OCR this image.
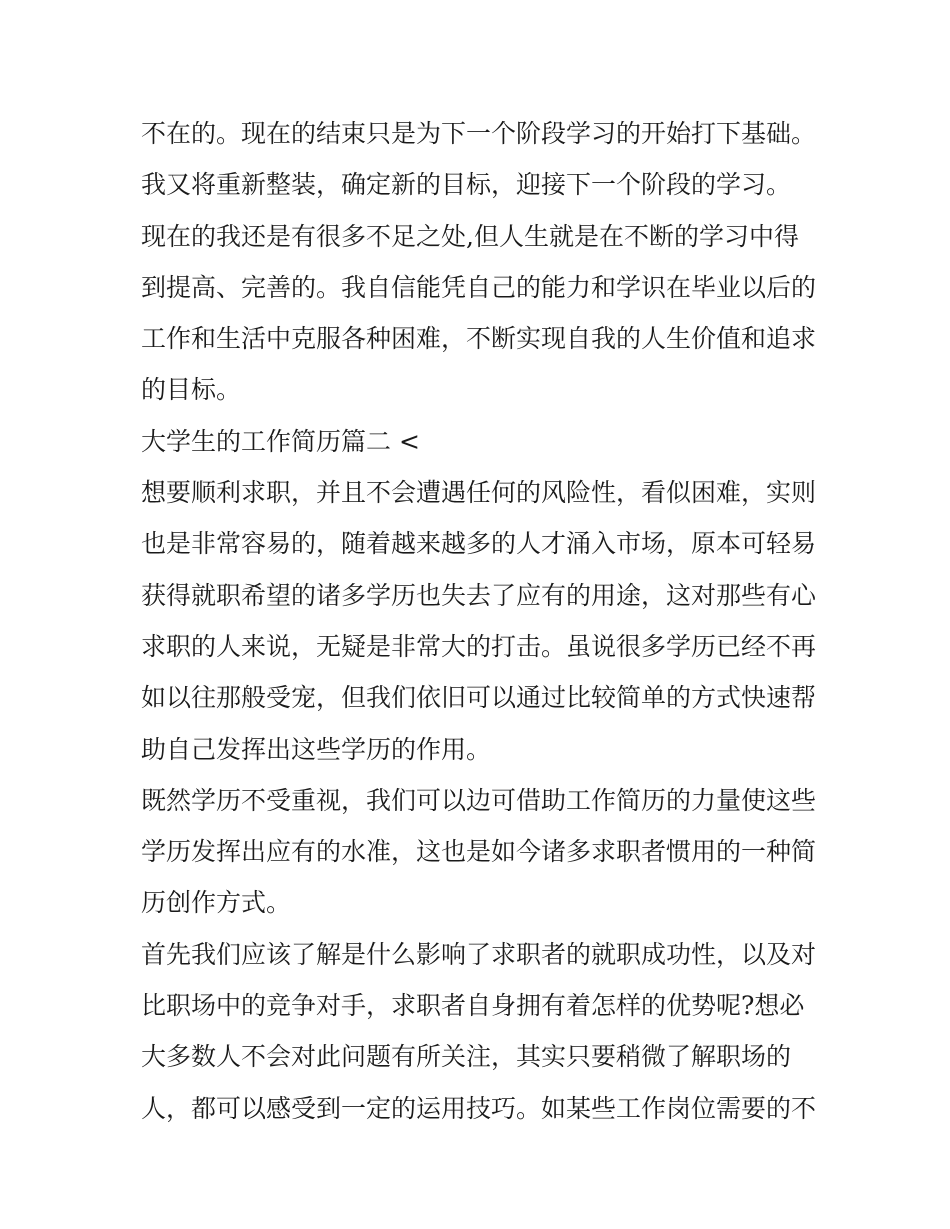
不在的。现在的结束只是为下一个阶段学习的开始打下基础。
我又将重新整装，确定新的目标，迎接下一个阶段的学习。
现在的我还是有很多不足之处,但人生就是在不断的学习中得
到提高、完善的。我自信能凭自己的能力和学识在毕业以后的
工作和生活中克服各种困难，不断实现自我的人生价值和追求
的目标。
大学生的工作简历篇二 <
想要顺利求职，并且不会遭遇任何的风险性，看似困难，实则
也是非常容易的，随着越来越多的人才涌入市场，原本可轻易
获得就职希望的诸多学历也失去了应有的用途，这对那些有心
求职的人来说，无疑是非常大的打击。虽说很多学历已经不再
如以往那般受宠，但我们依旧可以通过比较简单的方式快速帮
助自己发挥出这些学历的作用。
既然学历不受重视，我们可以边可借助工作简历的力量使这些
学历发挥出应有的水准，这也是如今诸多求职者惯用的一种简
历创作方式。
首先我们应该了解是什么影响了求职者的就职成功性，以及对
比职场中的竞争对手，求职者自身拥有着怎样的优势呢?想必
大多数人不会对此问题有所关注，其实只要稍微了解职场的
人，都可以感受到一定的运用技巧。如某些工作岗位需要的不
